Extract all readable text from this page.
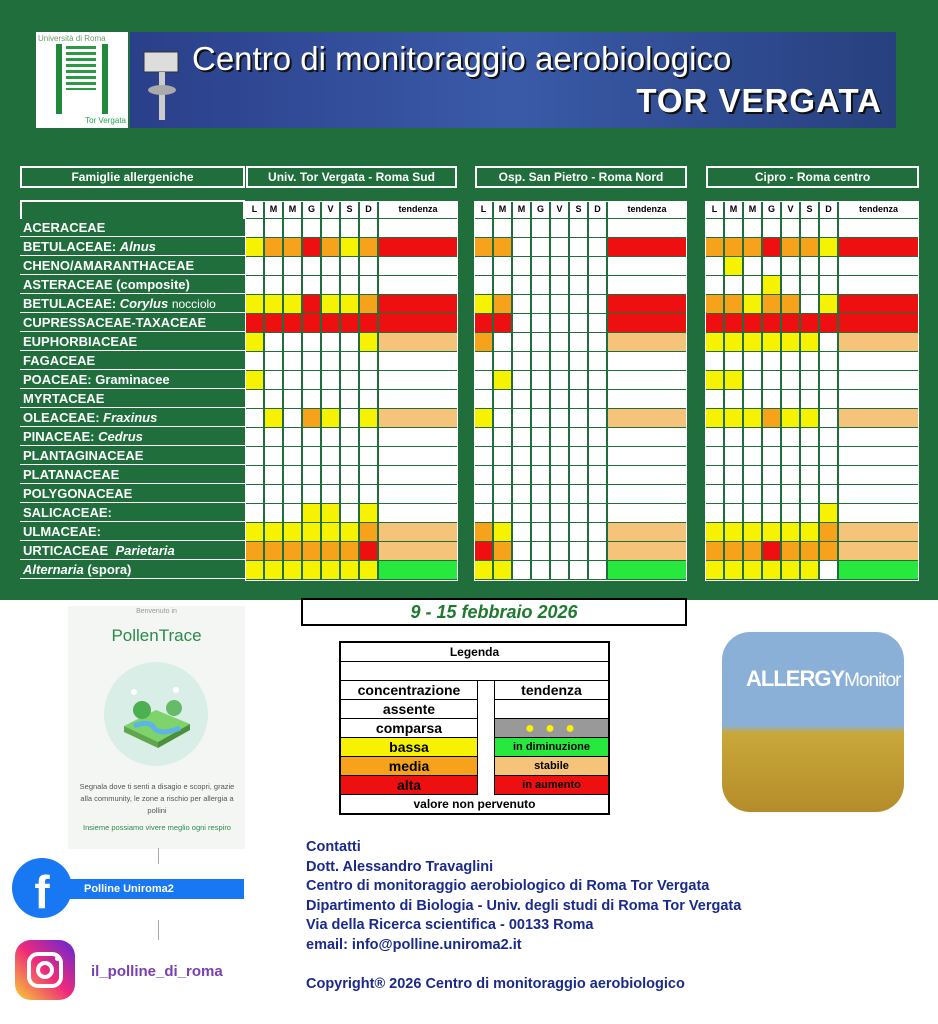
Università di Roma
Tor Vergata
Centro di monitoraggio aerobiologico
TOR VERGATA
Famiglie allergeniche	Univ. Tor Vergata - Roma Sud	Osp. San Pietro - Roma Nord	Cipro - Roma centro
ACERACEAE
BETULACEAE: Alnus
CHENO/AMARANTHACEAE
ASTERACEAE (composite)
BETULACEAE: Corylus nocciolo
CUPRESSACEAE-TAXACEAE
EUPHORBIACEAE
FAGACEAE
POACEAE: Graminacee
MYRTACEAE
OLEACEAE: Fraxinus
PINACEAE: Cedrus
PLANTAGINACEAE
PLATANACEAE
POLYGONACEAE
SALICACEAE:
ULMACEAE:
URTICACEAE  Parietaria
Alternaria (spora)
L	M	M	G	V	S	D	tendenza	L	M	M	G	V	S	D	tendenza	L	M	M	G	V	S	D	tendenza
9 - 15 febbraio 2026
Benvenuto in
PollenTrace
Segnala dove ti senti a disagio e scopri, grazie alla community, le zone a rischio per allergia a pollini
Insieme possiamo vivere meglio ogni respiro
Legenda
concentrazione	tendenza
assente
comparsa	● ● ●
bassa	in diminuzione
media	stabile
alta	in aumento
valore non pervenuto
ALLERGYMonitor
Contatti
Dott. Alessandro Travaglini
Centro di monitoraggio aerobiologico di Roma Tor Vergata
Dipartimento di Biologia - Univ. degli studi di Roma Tor Vergata
Via della Ricerca scientifica - 00133 Roma
email: info@polline.uniroma2.it
Copyright® 2026 Centro di monitoraggio aerobiologico
Polline Uniroma2
f
il_polline_di_roma
